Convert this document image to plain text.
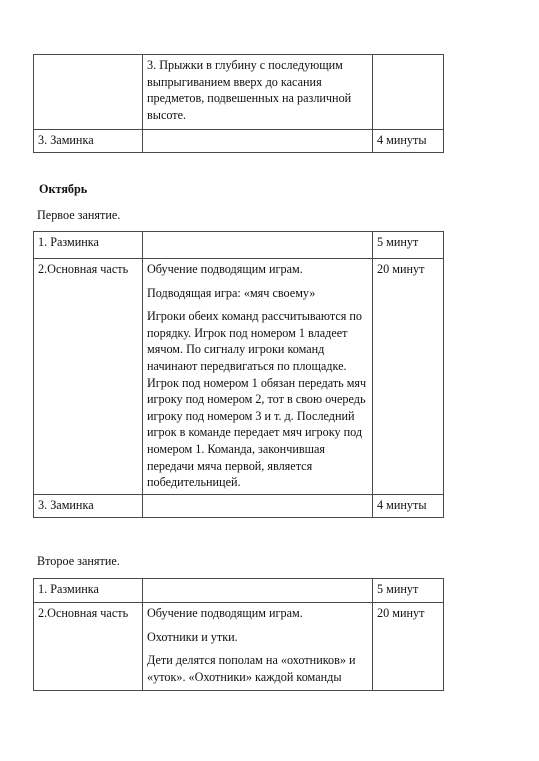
	3. Прыжки в глубину с последующим выпрыгиванием вверх до касания предметов, подвешенных на различной высоте.	
3. Заминка		4 минуты

Октябрь

Первое занятие.

1. Разминка		5 минут
2.Основная часть	Обучение подводящим играм.

Подводящая игра: «мяч своему»

Игроки обеих команд рассчитываются по порядку. Игрок под номером 1 владеет мячом. По сигналу игроки команд начинают передвигаться по площадке. Игрок под номером 1 обязан передать мяч игроку под номером 2, тот в свою очередь игроку под номером 3 и т. д. Последний игрок в команде передает мяч игроку под номером 1. Команда, закончившая передачи мяча первой, является победительницей.	20 минут
3. Заминка		4 минуты

Второе занятие.

1. Разминка		5 минут
2.Основная часть	Обучение подводящим играм.

Охотники и утки.

Дети делятся пополам на «охотников» и «уток». «Охотники» каждой команды	20 минут
